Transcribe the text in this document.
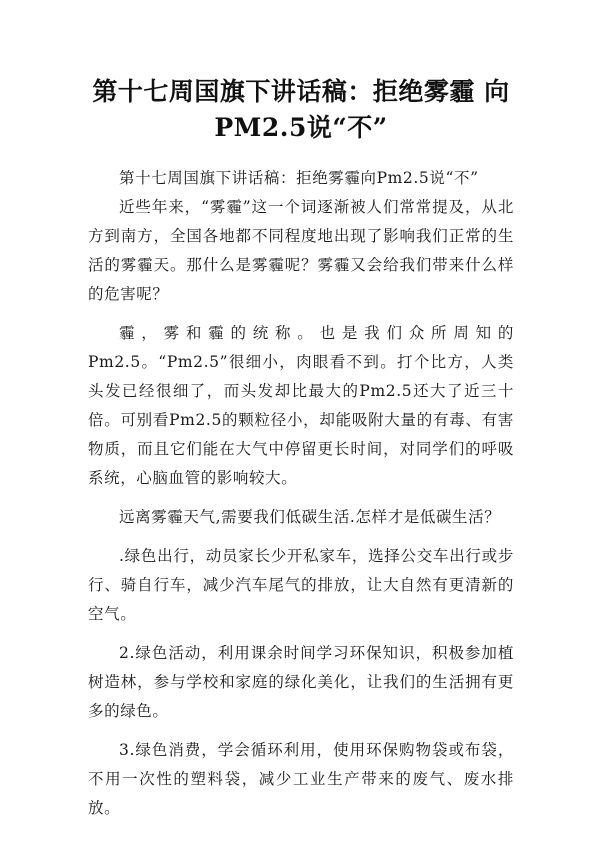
第十七周国旗下讲话稿：拒绝雾霾 向
PM2.5说“不”

第十七周国旗下讲话稿：拒绝雾霾向Pm2.5说“不”

近些年来，“雾霾”这一个词逐渐被人们常常提及，从北方到南方，全国各地都不同程度地出现了影响我们正常的生活的雾霾天。那什么是雾霾呢？雾霾又会给我们带来什么样的危害呢？

霾，雾和霾的统称。也是我们众所周知的Pm2.5。“Pm2.5”很细小，肉眼看不到。打个比方，人类头发已经很细了，而头发却比最大的Pm2.5还大了近三十倍。可别看Pm2.5的颗粒径小，却能吸附大量的有毒、有害物质，而且它们能在大气中停留更长时间，对同学们的呼吸系统，心脑血管的影响较大。

远离雾霾天气,需要我们低碳生活.怎样才是低碳生活？

.绿色出行，动员家长少开私家车，选择公交车出行或步行、骑自行车，减少汽车尾气的排放，让大自然有更清新的空气。

2.绿色活动，利用课余时间学习环保知识，积极参加植树造林，参与学校和家庭的绿化美化，让我们的生活拥有更多的绿色。

3.绿色消费，学会循环利用，使用环保购物袋或布袋，不用一次性的塑料袋，减少工业生产带来的废气、废水排放。
